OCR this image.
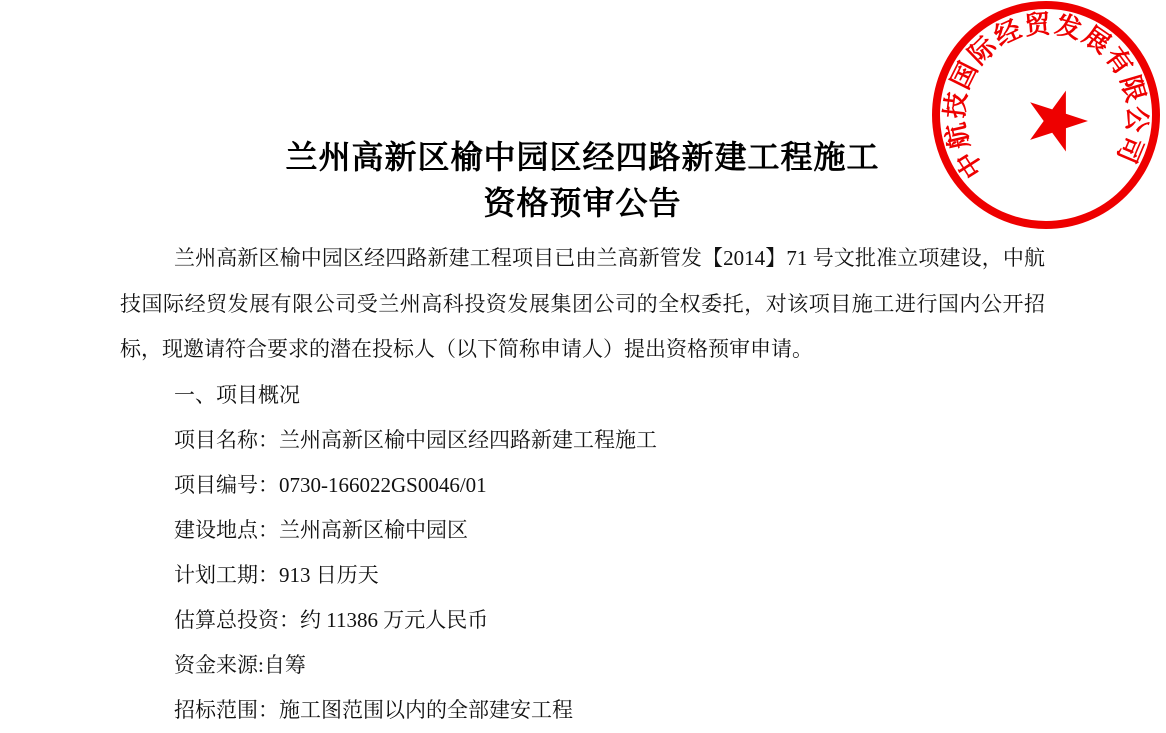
中航技国际经贸发展有限公司
兰州高新区榆中园区经四路新建工程施工
资格预审公告
兰州高新区榆中园区经四路新建工程项目已由兰高新管发【2014】71 号文批准立项建设，中航
技国际经贸发展有限公司受兰州高科投资发展集团公司的全权委托，对该项目施工进行国内公开招
标，现邀请符合要求的潜在投标人（以下简称申请人）提出资格预审申请。
一、项目概况
项目名称：兰州高新区榆中园区经四路新建工程施工
项目编号：0730-166022GS0046/01
建设地点：兰州高新区榆中园区
计划工期：913 日历天
估算总投资：约 11386 万元人民币
资金来源:自筹
招标范围：施工图范围以内的全部建安工程
